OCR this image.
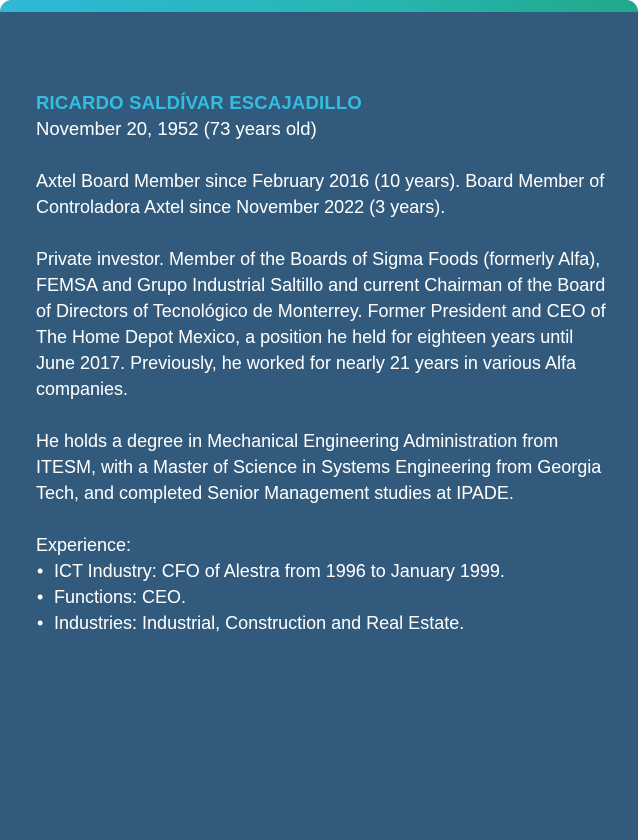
RICARDO SALDÍVAR ESCAJADILLO
November 20, 1952 (73 years old)

Axtel Board Member since February 2016 (10 years). Board Member of Controladora Axtel since November 2022 (3 years).

Private investor. Member of the Boards of Sigma Foods (formerly Alfa), FEMSA and Grupo Industrial Saltillo and current Chairman of the Board of Directors of Tecnológico de Monterrey. Former President and CEO of The Home Depot Mexico, a position he held for eighteen years until June 2017. Previously, he worked for nearly 21 years in various Alfa companies.

He holds a degree in Mechanical Engineering Administration from ITESM, with a Master of Science in Systems Engineering from Georgia Tech, and completed Senior Management studies at IPADE.

Experience:
• ICT Industry: CFO of Alestra from 1996 to January 1999.
• Functions: CEO.
• Industries: Industrial, Construction and Real Estate.
